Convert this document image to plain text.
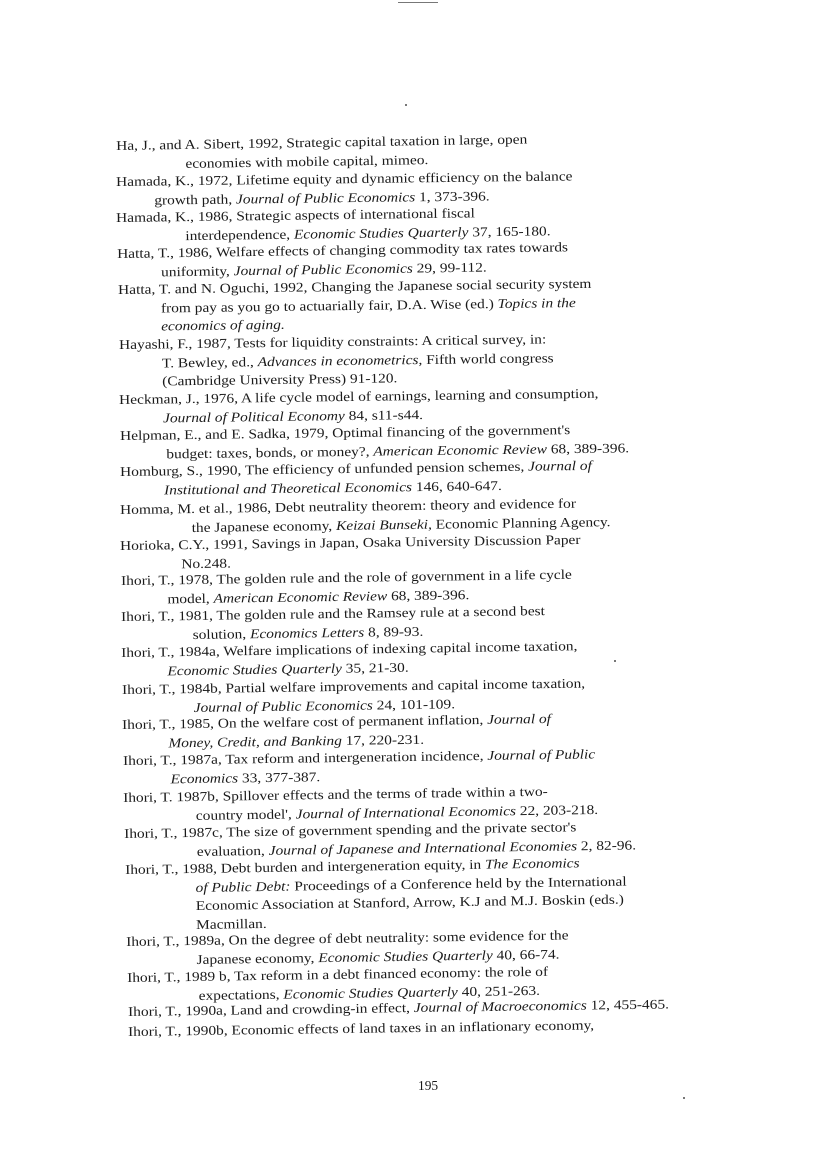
Ha, J., and A. Sibert, 1992, Strategic capital taxation in large, open
economies with mobile capital, mimeo.
Hamada, K., 1972, Lifetime equity and dynamic efficiency on the balance
growth path, Journal of Public Economics 1, 373-396.
Hamada, K., 1986, Strategic aspects of international fiscal
interdependence, Economic Studies Quarterly 37, 165-180.
Hatta, T., 1986, Welfare effects of changing commodity tax rates towards
uniformity, Journal of Public Economics 29, 99-112.
Hatta, T. and N. Oguchi, 1992, Changing the Japanese social security system
from pay as you go to actuarially fair, D.A. Wise (ed.) Topics in the
economics of aging.
Hayashi, F., 1987, Tests for liquidity constraints: A critical survey, in:
T. Bewley, ed., Advances in econometrics, Fifth world congress
(Cambridge University Press) 91-120.
Heckman, J., 1976, A life cycle model of earnings, learning and consumption,
Journal of Political Economy 84, s11-s44.
Helpman, E., and E. Sadka, 1979, Optimal financing of the government's
budget: taxes, bonds, or money?, American Economic Review 68, 389-396.
Homburg, S., 1990, The efficiency of unfunded pension schemes, Journal of
Institutional and Theoretical Economics 146, 640-647.
Homma, M. et al., 1986, Debt neutrality theorem: theory and evidence for
the Japanese economy, Keizai Bunseki, Economic Planning Agency.
Horioka, C.Y., 1991, Savings in Japan, Osaka University Discussion Paper
No.248.
Ihori, T., 1978, The golden rule and the role of government in a life cycle
model, American Economic Review 68, 389-396.
Ihori, T., 1981, The golden rule and the Ramsey rule at a second best
solution, Economics Letters 8, 89-93.
Ihori, T., 1984a, Welfare implications of indexing capital income taxation,
Economic Studies Quarterly 35, 21-30.
Ihori, T., 1984b, Partial welfare improvements and capital income taxation,
Journal of Public Economics 24, 101-109.
Ihori, T., 1985, On the welfare cost of permanent inflation, Journal of
Money, Credit, and Banking 17, 220-231.
Ihori, T., 1987a, Tax reform and intergeneration incidence, Journal of Public
Economics 33, 377-387.
Ihori, T. 1987b, Spillover effects and the terms of trade within a two-
country model', Journal of International Economics 22, 203-218.
Ihori, T., 1987c, The size of government spending and the private sector's
evaluation, Journal of Japanese and International Economies 2, 82-96.
Ihori, T., 1988, Debt burden and intergeneration equity, in The Economics
of Public Debt: Proceedings of a Conference held by the International
Economic Association at Stanford, Arrow, K.J and M.J. Boskin (eds.)
Macmillan.
Ihori, T., 1989a, On the degree of debt neutrality: some evidence for the
Japanese economy, Economic Studies Quarterly 40, 66-74.
Ihori, T., 1989 b, Tax reform in a debt financed economy: the role of
expectations, Economic Studies Quarterly 40, 251-263.
Ihori, T., 1990a, Land and crowding-in effect, Journal of Macroeconomics 12, 455-465.
Ihori, T., 1990b, Economic effects of land taxes in an inflationary economy,
195
